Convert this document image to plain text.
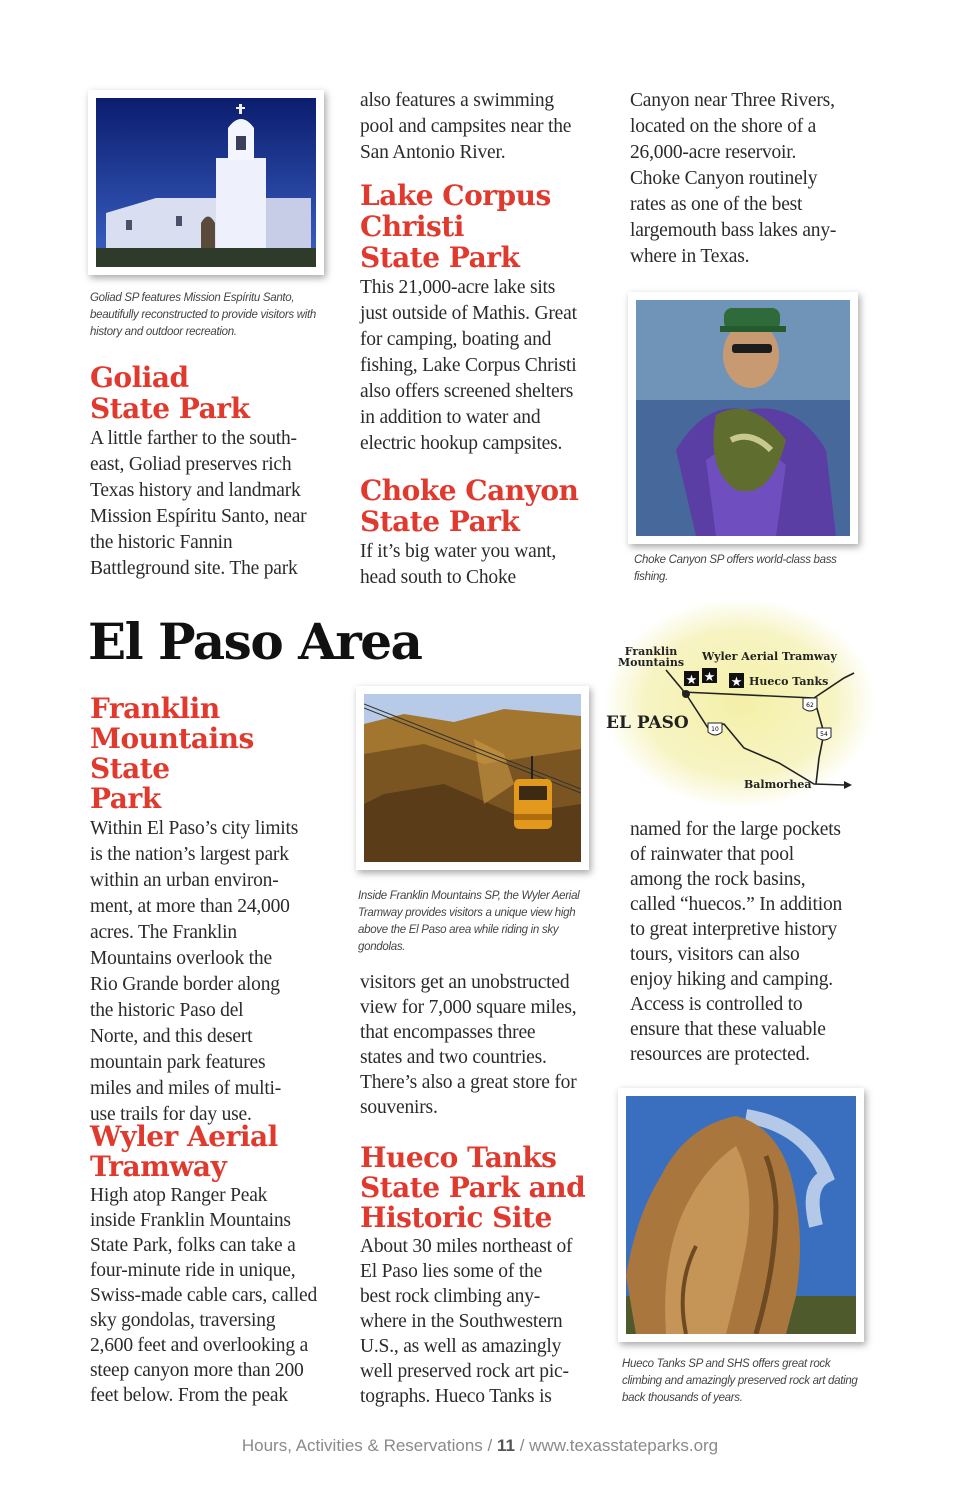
Goliad SP features Mission Espíritu Santo, beautifully reconstructed to provide visitors with history and outdoor recreation.
Goliad
State Park
A little farther to the south-
east, Goliad preserves rich
Texas history and landmark
Mission Espíritu Santo, near
the historic Fannin
Battleground site. The park
also features a swimming
pool and campsites near the
San Antonio River.
Lake Corpus
Christi
State Park
This 21,000-acre lake sits
just outside of Mathis. Great
for camping, boating and
fishing, Lake Corpus Christi
also offers screened shelters
in addition to water and
electric hookup campsites.
Choke Canyon
State Park
If it’s big water you want,
head south to Choke
Canyon near Three Rivers,
located on the shore of a
26,000-acre reservoir.
Choke Canyon routinely
rates as one of the best
largemouth bass lakes any-
where in Texas.
Choke Canyon SP offers world-class bass fishing.
El Paso Area
62
10
54
★ ★ ★
Franklin
Mountains Wyler Aerial Tramway
Hueco Tanks
EL PASO
Balmorhea
Franklin
Mountains State
Park
Within El Paso’s city limits
is the nation’s largest park
within an urban environ-
ment, at more than 24,000
acres. The Franklin
Mountains overlook the
Rio Grande border along
the historic Paso del
Norte, and this desert
mountain park features
miles and miles of multi-
use trails for day use.
Wyler Aerial
Tramway
High atop Ranger Peak
inside Franklin Mountains
State Park, folks can take a
four-minute ride in unique,
Swiss-made cable cars, called
sky gondolas, traversing
2,600 feet and overlooking a
steep canyon more than 200
feet below. From the peak
Inside Franklin Mountains SP, the Wyler Aerial Tramway provides visitors a unique view high above the El Paso area while riding in sky gondolas.
visitors get an unobstructed
view for 7,000 square miles,
that encompasses three
states and two countries.
There’s also a great store for
souvenirs.
Hueco Tanks
State Park and
Historic Site
About 30 miles northeast of
El Paso lies some of the
best rock climbing any-
where in the Southwestern
U.S., as well as amazingly
well preserved rock art pic-
tographs. Hueco Tanks is
named for the large pockets
of rainwater that pool
among the rock basins,
called “huecos.” In addition
to great interpretive history
tours, visitors can also
enjoy hiking and camping.
Access is controlled to
ensure that these valuable
resources are protected.
Hueco Tanks SP and SHS offers great rock climbing and amazingly preserved rock art dating back thousands of years.
Hours, Activities & Reservations / 11 / www.texasstateparks.org
